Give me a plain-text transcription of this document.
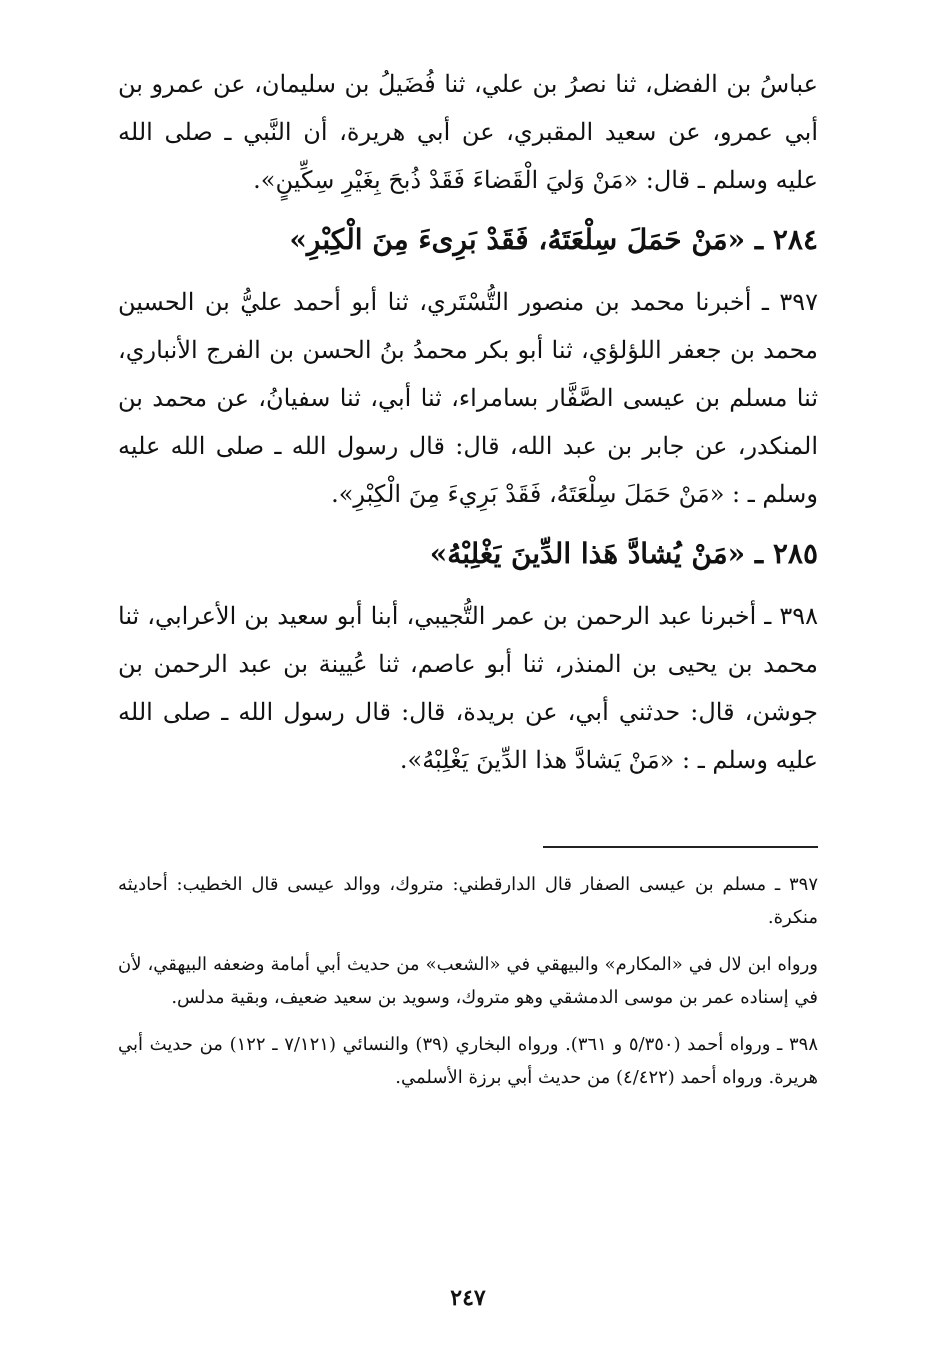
عباسُ بن الفضل، ثنا نصرُ بن علي، ثنا فُضَيلُ بن سليمان، عن عمرو بن أبي عمرو، عن سعيد المقبري، عن أبي هريرة، أن النَّبي ـ صلى الله عليه وسلم ـ قال: «مَنْ وَليَ الْقَضاءَ فَقَدْ ذُبحَ بِغَيْرِ سِكِّينٍ».

٢٨٤ ـ «مَنْ حَمَلَ سِلْعَتَهُ، فَقَدْ بَرِىءَ مِنَ الْكِبْرِ»

٣٩٧ ـ أخبرنا محمد بن منصور التُّسْتَري، ثنا أبو أحمد عليُّ بن الحسين محمد بن جعفر اللؤلؤي، ثنا أبو بكر محمدُ بنُ الحسن بن الفرج الأنباري، ثنا مسلم بن عيسى الصَّفَّار بسامراء، ثنا أبي، ثنا سفيانُ، عن محمد بن المنكدر، عن جابر بن عبد الله، قال: قال رسول الله ـ صلى الله عليه وسلم ـ : «مَنْ حَمَلَ سِلْعَتَهُ، فَقَدْ بَرِيءَ مِنَ الْكِبْرِ».

٢٨٥ ـ «مَنْ يُشادَّ هَذا الدِّينَ يَغْلِبْهُ»

٣٩٨ ـ أخبرنا عبد الرحمن بن عمر التُّجيبي، أبنا أبو سعيد بن الأعرابي، ثنا محمد بن يحيى بن المنذر، ثنا أبو عاصم، ثنا عُيينة بن عبد الرحمن بن جوشن، قال: حدثني أبي، عن بريدة، قال: قال رسول الله ـ صلى الله عليه وسلم ـ : «مَنْ يَشادَّ هذا الدِّينَ يَغْلِبْهُ».

٣٩٧ ـ مسلم بن عيسى الصفار قال الدارقطني: متروك، ووالد عيسى قال الخطيب: أحاديثه منكرة.

ورواه ابن لال في «المكارم» والبيهقي في «الشعب» من حديث أبي أمامة وضعفه البيهقي، لأن في إسناده عمر بن موسى الدمشقي وهو متروك، وسويد بن سعيد ضعيف، وبقية مدلس.

٣٩٨ ـ ورواه أحمد (٥/٣٥٠ و ٣٦١). ورواه البخاري (٣٩) والنسائي (٧/١٢١ ـ ١٢٢) من حديث أبي هريرة. ورواه أحمد (٤/٤٢٢) من حديث أبي برزة الأسلمي.

٢٤٧
